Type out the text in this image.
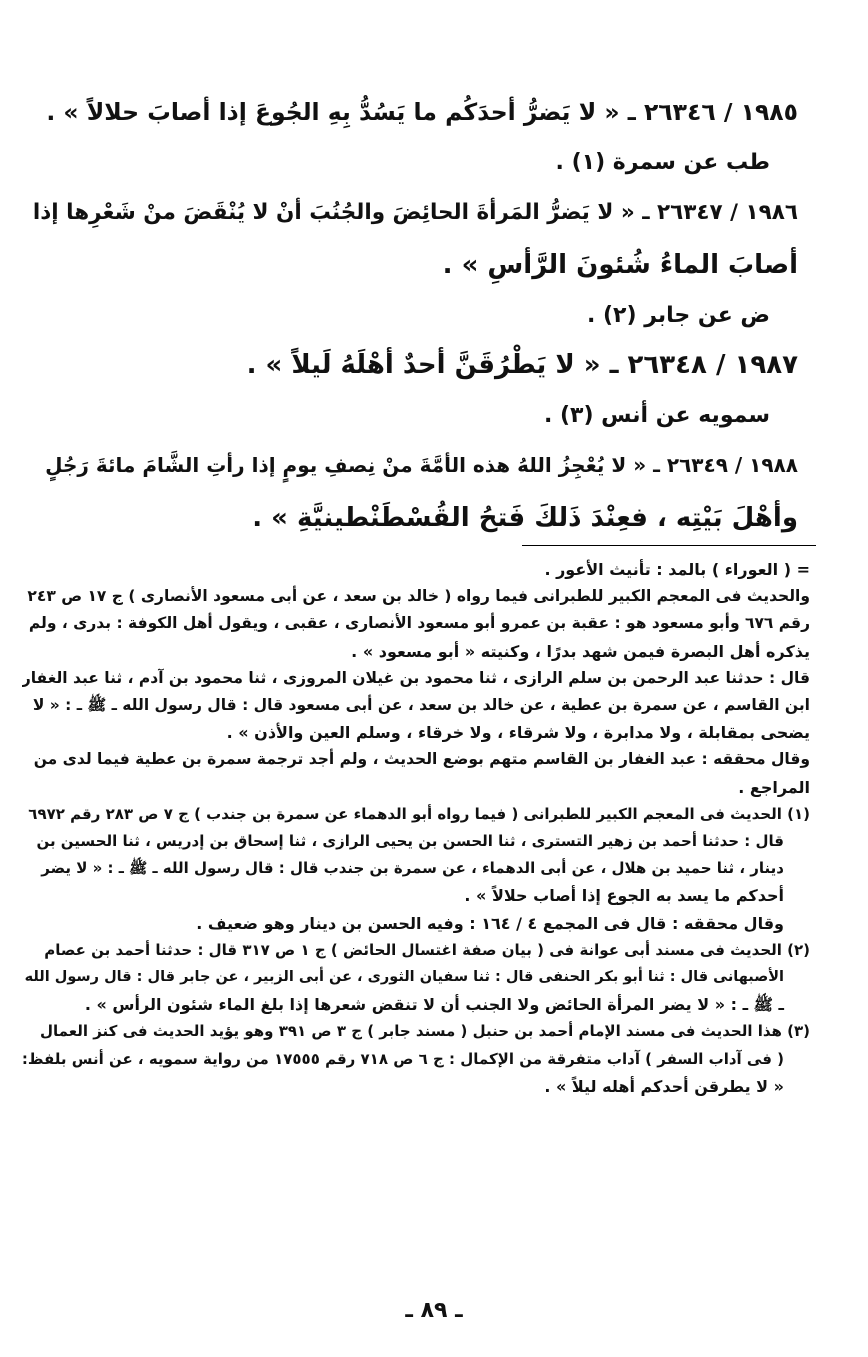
١٩٨٥ / ٢٦٣٤٦ ـ « لا يَضرُّ أحدَكُم ما يَسُدُّ بِهِ الجُوعَ إذا أصابَ حلالاً » .
طب عن سمرة (١) .
١٩٨٦ / ٢٦٣٤٧ ـ « لا يَضرُّ المَرأةَ الحائِضَ والجُنُبَ أنْ لا يُنْقَضَ منْ شَعْرِها إذا
أصابَ الماءُ شُئونَ الرَّأسِ » .
ض عن جابر (٢) .
١٩٨٧ / ٢٦٣٤٨ ـ « لا يَطْرُقَنَّ أحدٌ أهْلَهُ لَيلاً » .
سمويه عن أنس (٣) .
١٩٨٨ / ٢٦٣٤٩ ـ « لا يُعْجِزُ اللهُ هذه الأمَّةَ منْ نِصفِ يومٍ إذا رأتِ الشَّامَ مائةَ رَجُلٍ
وأهْلَ بَيْتِه ، فعِنْدَ ذَلكَ فَتحُ القُسْطَنْطينيَّةِ » .
= ( العوراء ) بالمد : تأنيث الأعور .
والحديث فى المعجم الكبير للطبرانى فيما رواه ( خالد بن سعد ، عن أبى مسعود الأنصارى ) ج ١٧ ص ٢٤٣
رقم ٦٧٦ وأبو مسعود هو : عقبة بن عمرو أبو مسعود الأنصارى ، عقبى ، ويقول أهل الكوفة : بدرى ، ولم
يذكره أهل البصرة فيمن شهد بدرًا ، وكنيته « أبو مسعود » .
قال : حدثنا عبد الرحمن بن سلم الرازى ، ثنا محمود بن غيلان المروزى ، ثنا محمود بن آدم ، ثنا عبد الغفار
ابن القاسم ، عن سمرة بن عطية ، عن خالد بن سعد ، عن أبى مسعود قال : قال رسول الله ـ ﷺ ـ : « لا
يضحى بمقابلة ، ولا مدابرة ، ولا شرقاء ، ولا خرقاء ، وسلم العين والأذن » .
وقال محققه : عبد الغفار بن القاسم متهم بوضع الحديث ، ولم أجد ترجمة سمرة بن عطية فيما لدى من
المراجع .
(١) الحديث فى المعجم الكبير للطبرانى ( فيما رواه أبو الدهماء عن سمرة بن جندب ) ج ٧ ص ٢٨٣ رقم ٦٩٧٢
قال : حدثنا أحمد بن زهير التسترى ، ثنا الحسن بن يحيى الرازى ، ثنا إسحاق بن إدريس ، ثنا الحسين بن
دينار ، ثنا حميد بن هلال ، عن أبى الدهماء ، عن سمرة بن جندب قال : قال رسول الله ـ ﷺ ـ : « لا يضر
أحدكم ما يسد به الجوع إذا أصاب حلالاً » .
وقال محققه : قال فى المجمع ٤ / ١٦٤ : وفيه الحسن بن دينار وهو ضعيف .
(٢) الحديث فى مسند أبى عوانة فى ( بيان صفة اغتسال الحائض ) ج ١ ص ٣١٧ قال : حدثنا أحمد بن عصام
الأصبهانى قال : ثنا أبو بكر الحنفى قال : ثنا سفيان الثورى ، عن أبى الزبير ، عن جابر قال : قال رسول الله
ـ ﷺ ـ : « لا يضر المرأة الحائض ولا الجنب أن لا تنقض شعرها إذا بلغ الماء شئون الرأس » .
(٣) هذا الحديث فى مسند الإمام أحمد بن حنبل ( مسند جابر ) ج ٣ ص ٣٩١ وهو يؤيد الحديث فى كنز العمال
( فى آداب السفر ) آداب متفرقة من الإكمال : ج ٦ ص ٧١٨ رقم ١٧٥٥٥ من رواية سمويه ، عن أنس بلفظ:
« لا يطرقن أحدكم أهله ليلاً » .
ـ ٨٩ ـ
